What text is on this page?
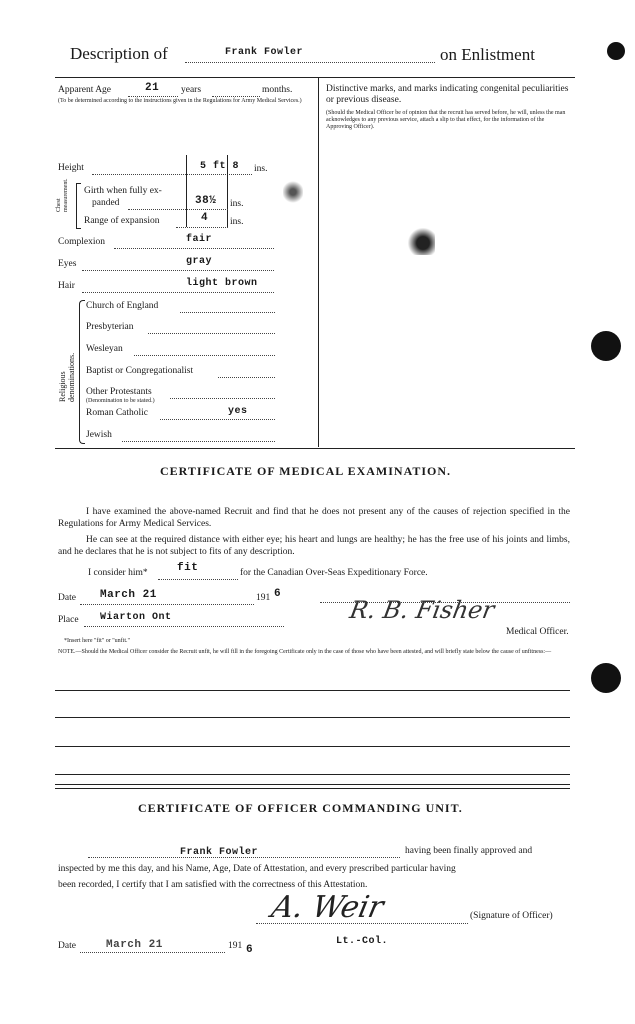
Description of	Frank Fowler	on Enlistment
Apparent Age	21 years	months.
(To be determined according to the instructions given in the Regulations for Army Medical Services.)
Height	5 ft 8 ins.
Chest measurement. Girth when fully ex-
panded	38½ ins.
Range of expansion	4 ins.
Complexion	fair
Eyes	gray
Hair	light brown
Religious denominations.
Church of England
Presbyterian
Wesleyan
Baptist or Congregationalist
Other Protestants
(Denomination to be stated.)
Roman Catholic	yes
Jewish
Distinctive marks, and marks indicating congenital peculiarities or previous disease.
(Should the Medical Officer be of opinion that the recruit has served before, he will, unless the man acknowledges to any previous service, attach a slip to that effect, for the information of the Approving Officer).
CERTIFICATE OF MEDICAL EXAMINATION.
I have examined the above-named Recruit and find that he does not present any of the causes of rejection specified in the Regulations for Army Medical Services.
He can see at the required distance with either eye; his heart and lungs are healthy; he has the free use of his joints and limbs, and he declares that he is not subject to fits of any description.
I consider him*	fit	for the Canadian Over-Seas Expeditionary Force.
Date March 21	191 6
Place Wiarton Ont	R. B. Fisher
Medical Officer.
*Insert here "fit" or "unfit."
NOTE.—Should the Medical Officer consider the Recruit unfit, he will fill in the foregoing Certificate only in the case of those who have been attested, and will briefly state below the cause of unfitness:—
CERTIFICATE OF OFFICER COMMANDING UNIT.
Frank Fowler	having been finally approved and
inspected by me this day, and his Name, Age, Date of Attestation, and every prescribed particular having
been recorded, I certify that I am satisfied with the correctness of this Attestation.
A. Weir	(Signature of Officer)
Date	March 21	191 6
Lt.-Col.
